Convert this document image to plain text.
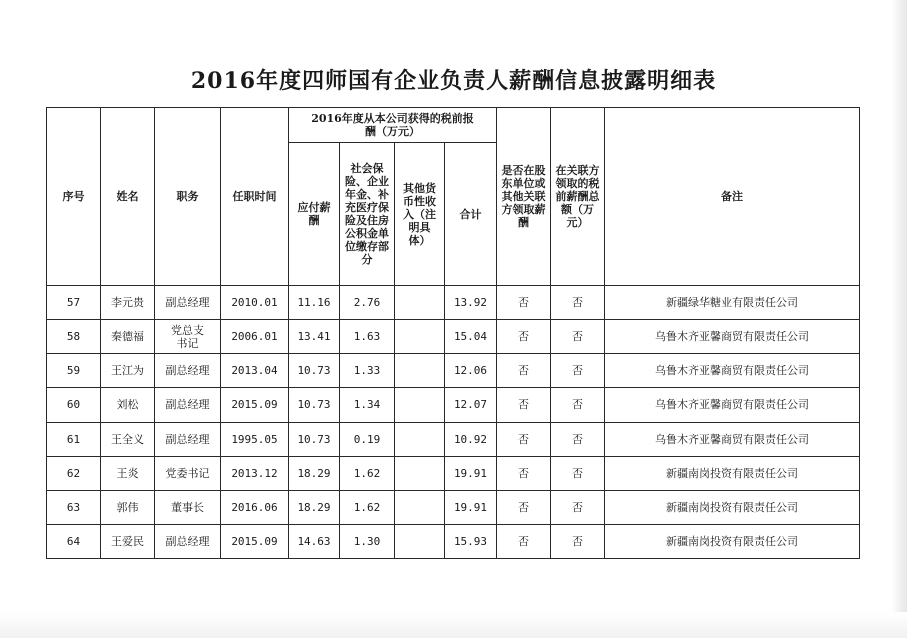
2016年度四师国有企业负责人薪酬信息披露明细表
序号	姓名	职务	任职时间	2016年度从本公司获得的税前报酬（万元）				是否在股东单位或其他关联方领取薪酬	在关联方领取的税前薪酬总额（万元）	备注
				应付薪酬	社会保险、企业年金、补充医疗保险及住房公积金单位缴存部分	其他货币性收入（注明具体）	合计			
57	李元贵	副总经理	2010.01	11.16	2.76		13.92	否	否	新疆绿华糖业有限责任公司
58	秦德福	党总支书记	2006.01	13.41	1.63		15.04	否	否	乌鲁木齐亚馨商贸有限责任公司
59	王江为	副总经理	2013.04	10.73	1.33		12.06	否	否	乌鲁木齐亚馨商贸有限责任公司
60	刘松	副总经理	2015.09	10.73	1.34		12.07	否	否	乌鲁木齐亚馨商贸有限责任公司
61	王全义	副总经理	1995.05	10.73	0.19		10.92	否	否	乌鲁木齐亚馨商贸有限责任公司
62	王炎	党委书记	2013.12	18.29	1.62		19.91	否	否	新疆南岗投资有限责任公司
63	郭伟	董事长	2016.06	18.29	1.62		19.91	否	否	新疆南岗投资有限责任公司
64	王爱民	副总经理	2015.09	14.63	1.30		15.93	否	否	新疆南岗投资有限责任公司
